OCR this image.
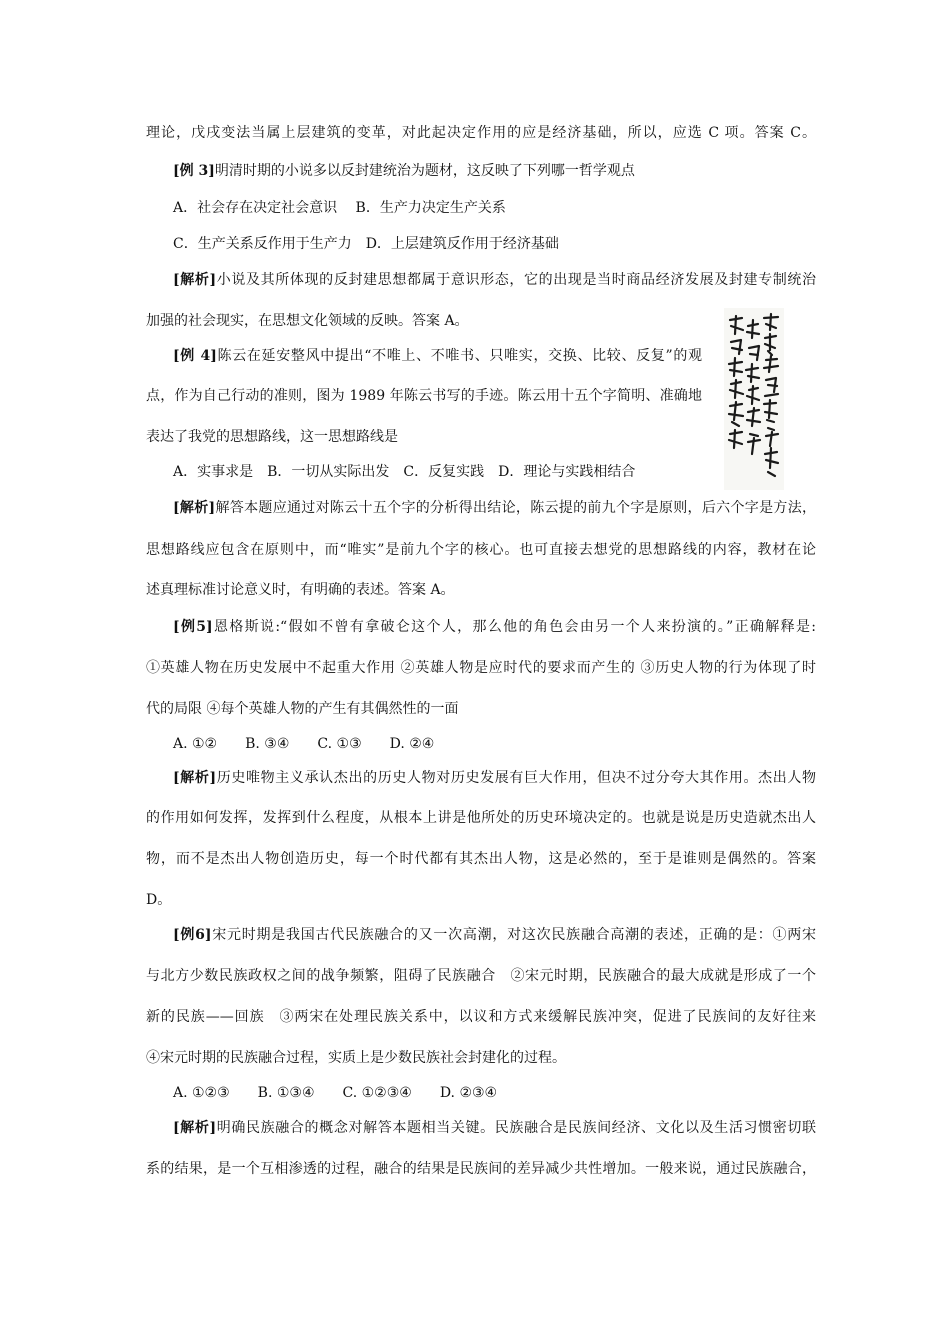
理论，戊戌变法当属上层建筑的变革，对此起决定作用的应是经济基础，所以，应选 C 项。答案 C。
[例 3]明清时期的小说多以反封建统治为题材，这反映了下列哪一哲学观点
A．社会存在决定社会意识　 B．生产力决定生产关系
C．生产关系反作用于生产力　D．上层建筑反作用于经济基础
[解析]小说及其所体现的反封建思想都属于意识形态，它的出现是当时商品经济发展及封建专制统治
加强的社会现实，在思想文化领域的反映。答案 A。
[例 4]陈云在延安整风中提出“不唯上、不唯书、只唯实，交换、比较、反复”的观
点，作为自己行动的准则，图为 1989 年陈云书写的手迹。陈云用十五个字简明、准确地
表达了我党的思想路线，这一思想路线是
A．实事求是　B．一切从实际出发　C．反复实践　D．理论与实践相结合
[解析]解答本题应通过对陈云十五个字的分析得出结论，陈云提的前九个字是原则，后六个字是方法，
思想路线应包含在原则中，而“唯实”是前九个字的核心。也可直接去想党的思想路线的内容，教材在论
述真理标准讨论意义时，有明确的表述。答案 A。
[例5]恩格斯说:“假如不曾有拿破仑这个人，那么他的角色会由另一个人来扮演的。”正确解释是:
①英雄人物在历史发展中不起重大作用 ②英雄人物是应时代的要求而产生的 ③历史人物的行为体现了时
代的局限 ④每个英雄人物的产生有其偶然性的一面
A. ①②　　B. ③④　　C. ①③　　D. ②④
[解析]历史唯物主义承认杰出的历史人物对历史发展有巨大作用，但决不过分夸大其作用。杰出人物
的作用如何发挥，发挥到什么程度，从根本上讲是他所处的历史环境决定的。也就是说是历史造就杰出人
物，而不是杰出人物创造历史，每一个时代都有其杰出人物，这是必然的，至于是谁则是偶然的。答案
D。
[例6]宋元时期是我国古代民族融合的又一次高潮，对这次民族融合高潮的表述，正确的是：①两宋
与北方少数民族政权之间的战争频繁，阻碍了民族融合　②宋元时期，民族融合的最大成就是形成了一个
新的民族——回族　③两宋在处理民族关系中，以议和方式来缓解民族冲突，促进了民族间的友好往来
④宋元时期的民族融合过程，实质上是少数民族社会封建化的过程。
A. ①②③　　B. ①③④　　C. ①②③④　　D. ②③④
[解析]明确民族融合的概念对解答本题相当关键。民族融合是民族间经济、文化以及生活习惯密切联
系的结果，是一个互相渗透的过程，融合的结果是民族间的差异减少共性增加。一般来说，通过民族融合，
